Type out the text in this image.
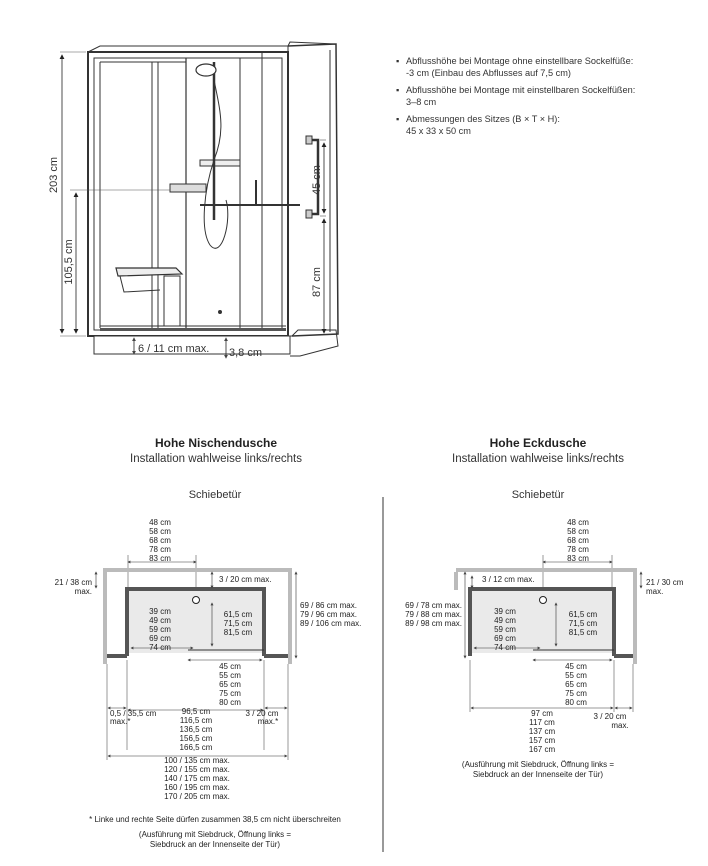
▪ Abflusshöhe bei Montage ohne einstellbare Sockelfüße:
-3 cm (Einbau des Abflusses auf 7,5 cm)
▪ Abflusshöhe bei Montage mit einstellbaren Sockelfüßen:
3–8 cm
▪ Abmessungen des Sitzes (B × T × H):
45 x 33 x 50 cm
203 cm
105,5 cm
45 cm
87 cm
6 / 11 cm max. 3,8 cm
Hohe Nischendusche
Installation wahlweise links/rechts
Schiebetür
48 cm
58 cm
68 cm
78 cm
83 cm
21 / 38 cm
max.
3 / 20 cm max.
69 / 86 cm max.
79 / 96 cm max.
89 / 106 cm max.
39 cm
49 cm
59 cm
69 cm
74 cm
61,5 cm
71,5 cm
81,5 cm
45 cm
55 cm
65 cm
75 cm
80 cm
0,5 / 35,5 cm
max.*
96,5 cm
116,5 cm
136,5 cm
156,5 cm
166,5 cm
3 / 20 cm
max.*
100 / 135 cm max.
120 / 155 cm max.
140 / 175 cm max.
160 / 195 cm max.
170 / 205 cm max.
* Linke und rechte Seite dürfen zusammen 38,5 cm nicht überschreiten
(Ausführung mit Siebdruck, Öffnung links =
Siebdruck an der Innenseite der Tür)
Hohe Eckdusche
Installation wahlweise links/rechts
Schiebetür
48 cm
58 cm
68 cm
78 cm
83 cm
3 / 12 cm max.	21 / 30 cm
max.
69 / 78 cm max.
79 / 88 cm max.
89 / 98 cm max.
39 cm
49 cm
59 cm
69 cm
74 cm
61,5 cm
71,5 cm
81,5 cm
45 cm
55 cm
65 cm
75 cm
80 cm
97 cm
117 cm
137 cm
157 cm
167 cm
3 / 20 cm
max.
(Ausführung mit Siebdruck, Öffnung links =
Siebdruck an der Innenseite der Tür)
